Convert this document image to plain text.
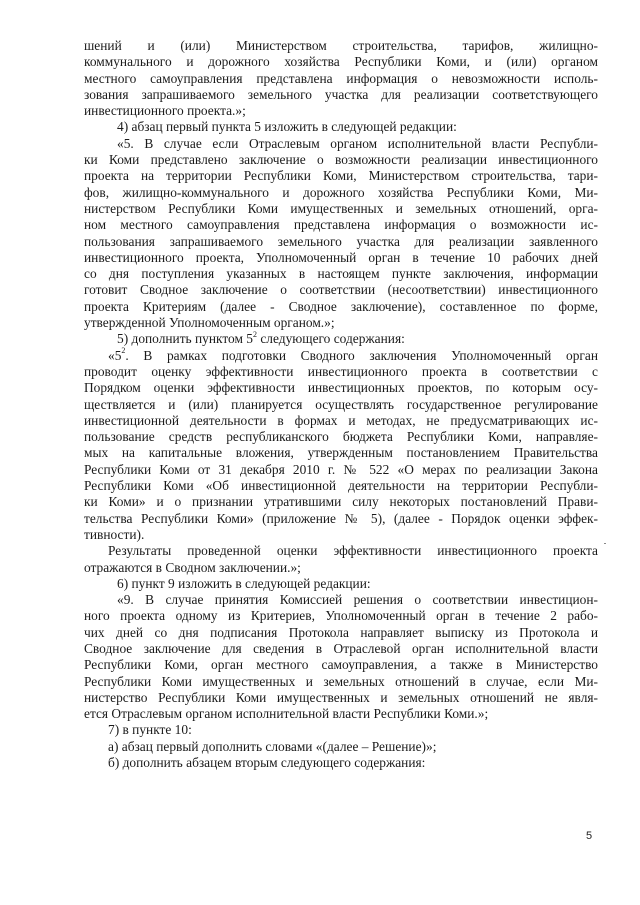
шений и (или) Министерством строительства, тарифов, жилищно-
коммунального и дорожного хозяйства Республики Коми, и (или) органом
местного самоуправления представлена информация о невозможности исполь-
зования запрашиваемого земельного участка для реализации соответствующего
инвестиционного проекта.»;
4) абзац первый пункта 5 изложить в следующей редакции:
«5. В случае если Отраслевым органом исполнительной власти Республи-
ки Коми представлено заключение о возможности реализации инвестиционного
проекта на территории Республики Коми, Министерством строительства, тари-
фов, жилищно-коммунального и дорожного хозяйства Республики Коми, Ми-
нистерством Республики Коми имущественных и земельных отношений, орга-
ном местного самоуправления представлена информация о возможности ис-
пользования запрашиваемого земельного участка для реализации заявленного
инвестиционного проекта, Уполномоченный орган в течение 10 рабочих дней
со дня поступления указанных в настоящем пункте заключения, информации
готовит Сводное заключение о соответствии (несоответствии) инвестиционного
проекта Критериям (далее - Сводное заключение), составленное по форме,
утвержденной Уполномоченным органом.»;
5) дополнить пунктом $5^2$ следующего содержания:
«$5^2$. В рамках подготовки Сводного заключения Уполномоченный орган
проводит оценку эффективности инвестиционного проекта в соответствии с
Порядком оценки эффективности инвестиционных проектов, по которым осу-
ществляется и (или) планируется осуществлять государственное регулирование
инвестиционной деятельности в формах и методах, не предусматривающих ис-
пользование средств республиканского бюджета Республики Коми, направляе-
мых на капитальные вложения, утвержденным постановлением Правительства
Республики Коми от 31 декабря 2010 г. № 522 «О мерах по реализации Закона
Республики Коми «Об инвестиционной деятельности на территории Республи-
ки Коми» и о признании утратившими силу некоторых постановлений Прави-
тельства Республики Коми» (приложение № 5), (далее - Порядок оценки эффек-
тивности).
Результаты проведенной оценки эффективности инвестиционного проекта
отражаются в Сводном заключении.»;
6) пункт 9 изложить в следующей редакции:
«9. В случае принятия Комиссией решения о соответствии инвестицион-
ного проекта одному из Критериев, Уполномоченный орган в течение 2 рабо-
чих дней со дня подписания Протокола направляет выписку из Протокола и
Сводное заключение для сведения в Отраслевой орган исполнительной власти
Республики Коми, орган местного самоуправления, а также в Министерство
Республики Коми имущественных и земельных отношений в случае, если Ми-
нистерство Республики Коми имущественных и земельных отношений не явля-
ется Отраслевым органом исполнительной власти Республики Коми.»;
7) в пункте 10:
а) абзац первый дополнить словами «(далее – Решение)»;
б) дополнить абзацем вторым следующего содержания:
5
